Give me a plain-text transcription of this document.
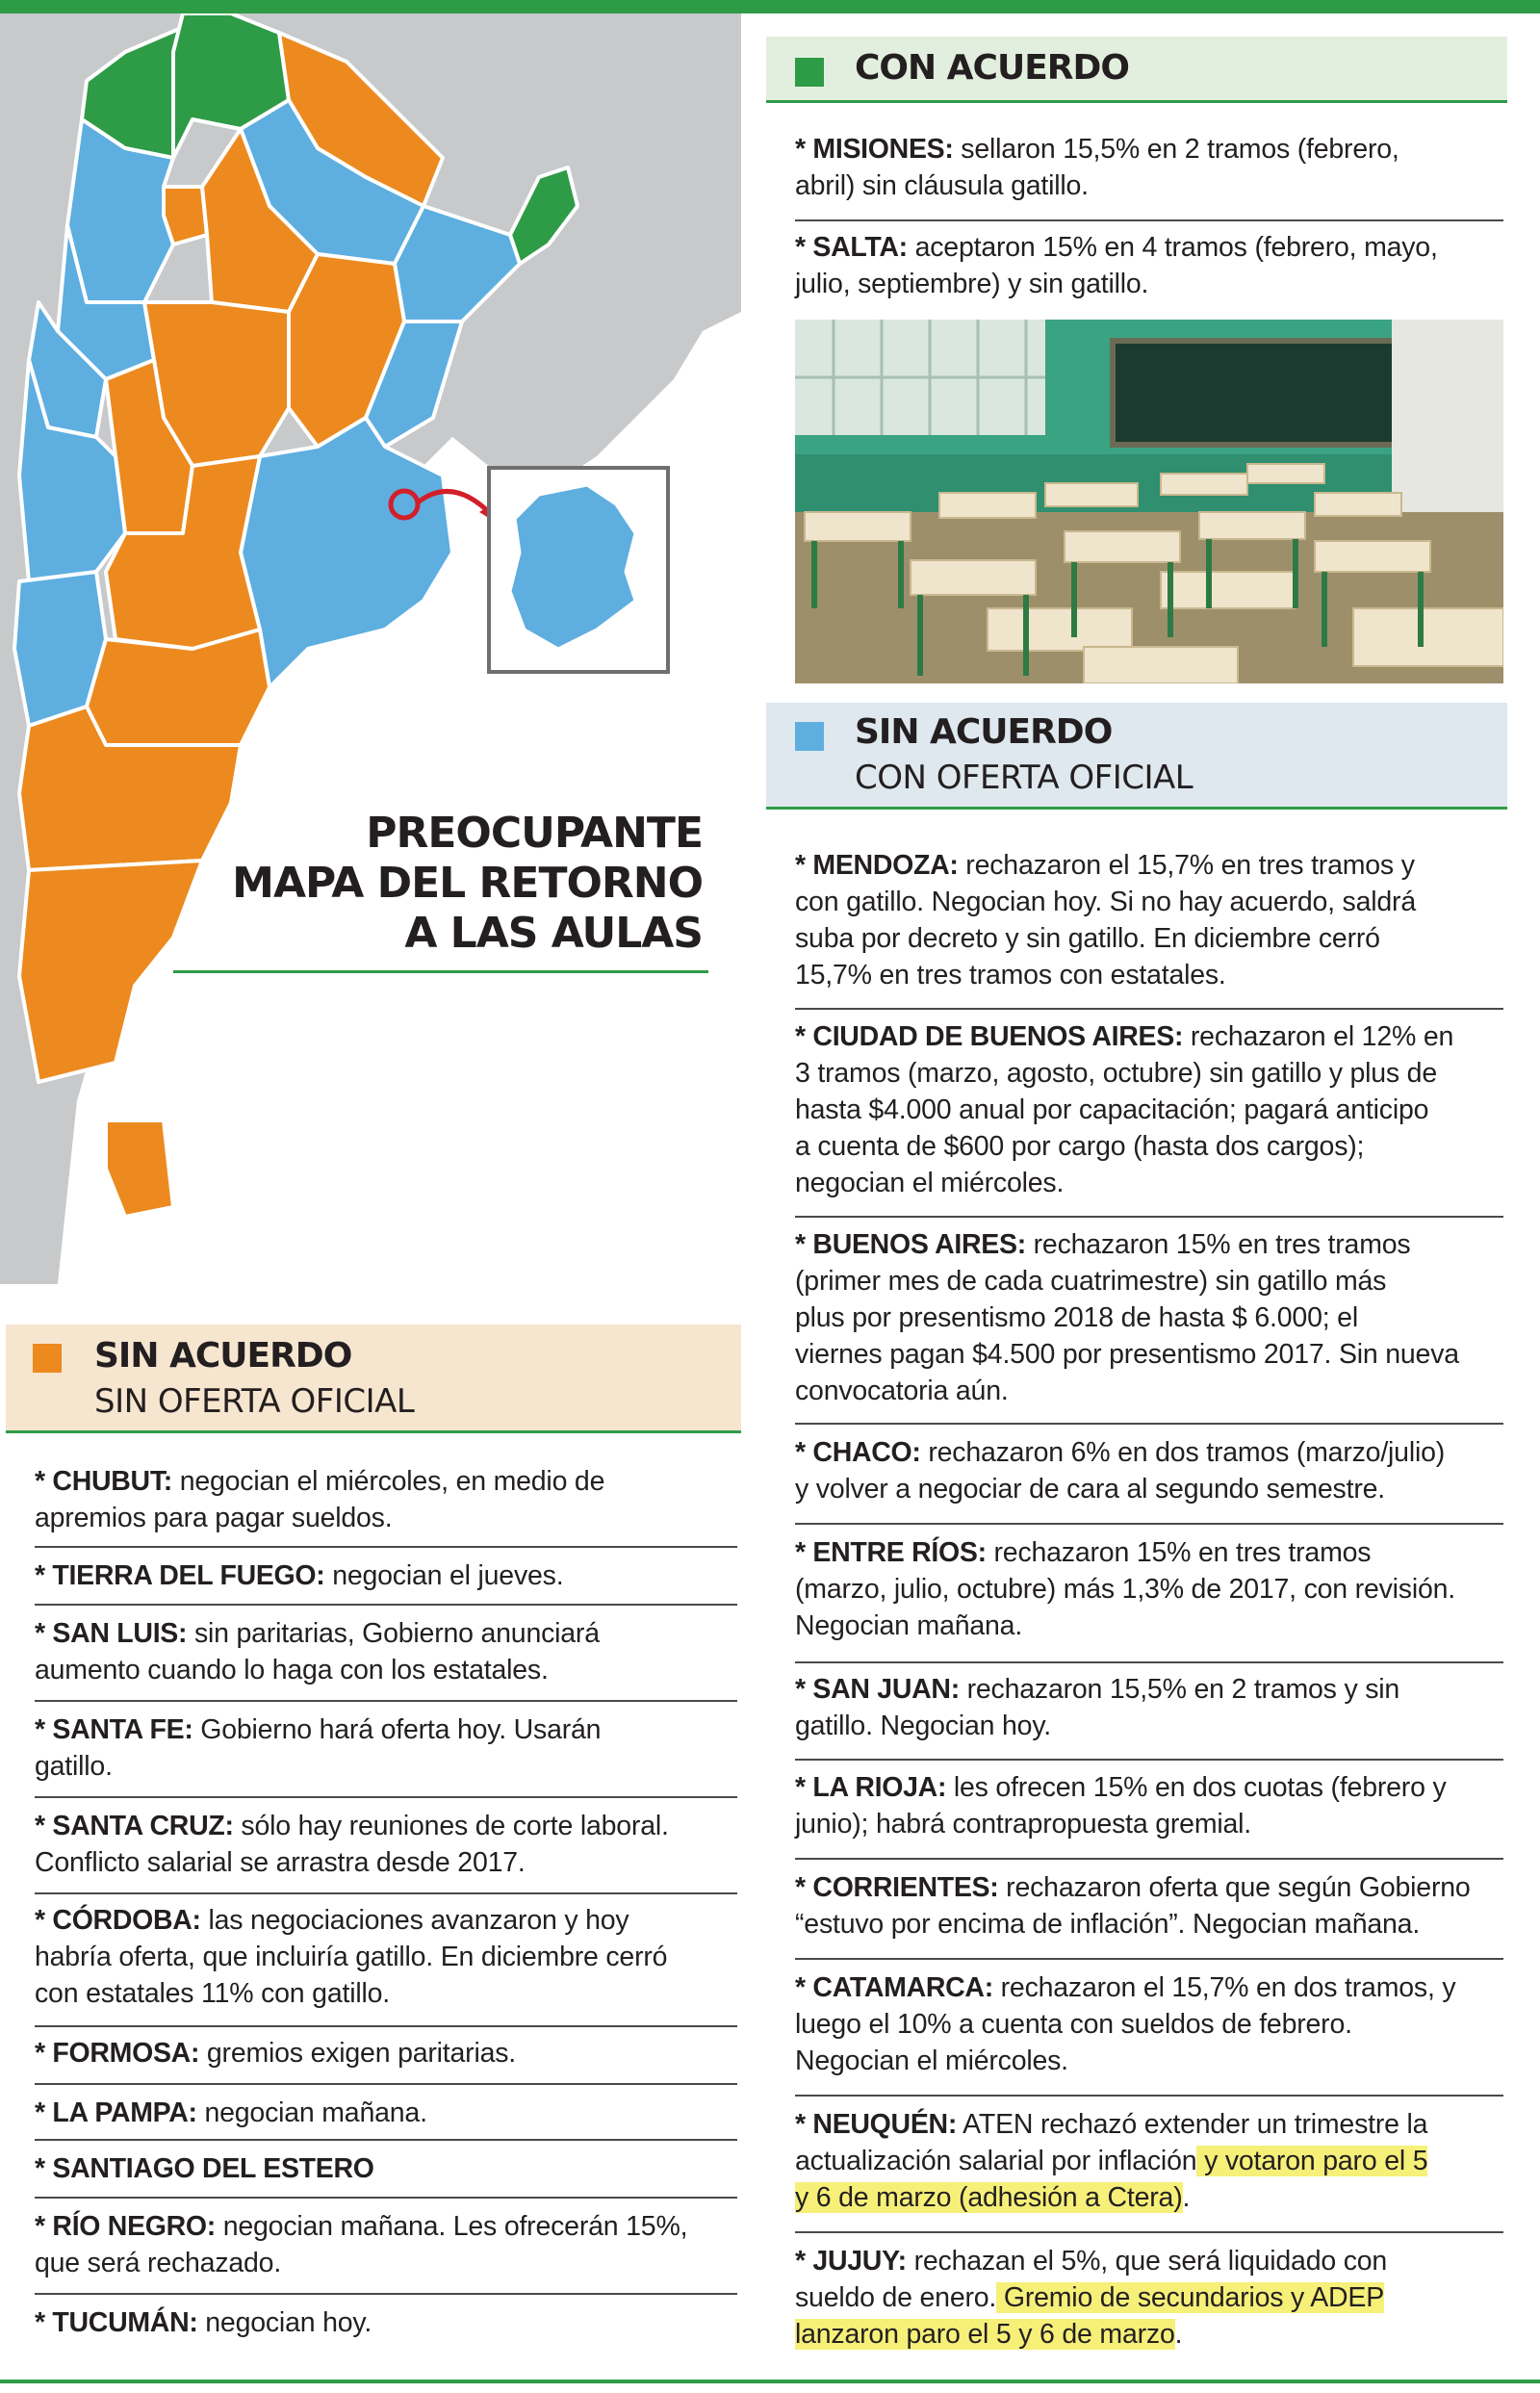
PREOCUPANTE
MAPA DEL RETORNO
A LAS AULAS
CON ACUERDO
* MISIONES: sellaron 15,5% en 2 tramos (febrero,
abril) sin cláusula gatillo.
* SALTA: aceptaron 15% en 4 tramos (febrero, mayo,
julio, septiembre) y sin gatillo.
SIN ACUERDO
CON OFERTA OFICIAL
* MENDOZA: rechazaron el 15,7% en tres tramos y
con gatillo. Negocian hoy. Si no hay acuerdo, saldrá
suba por decreto y sin gatillo. En diciembre cerró
15,7% en tres tramos con estatales.
* CIUDAD DE BUENOS AIRES: rechazaron el 12% en
3 tramos (marzo, agosto, octubre) sin gatillo y plus de
hasta $4.000 anual por capacitación; pagará anticipo
a cuenta de $600 por cargo (hasta dos cargos);
negocian el miércoles.
* BUENOS AIRES: rechazaron 15% en tres tramos
(primer mes de cada cuatrimestre) sin gatillo más
plus por presentismo 2018 de hasta $ 6.000; el
viernes pagan $4.500 por presentismo 2017. Sin nueva
convocatoria aún.
* CHACO: rechazaron 6% en dos tramos (marzo/julio)
y volver a negociar de cara al segundo semestre.
* ENTRE RÍOS: rechazaron 15% en tres tramos
(marzo, julio, octubre) más 1,3% de 2017, con revisión.
Negocian mañana.
* SAN JUAN: rechazaron 15,5% en 2 tramos y sin
gatillo. Negocian hoy.
* LA RIOJA: les ofrecen 15% en dos cuotas (febrero y
junio); habrá contrapropuesta gremial.
* CORRIENTES: rechazaron oferta que según Gobierno
“estuvo por encima de inflación”. Negocian mañana.
* CATAMARCA: rechazaron el 15,7% en dos tramos, y
luego el 10% a cuenta con sueldos de febrero.
Negocian el miércoles.
* NEUQUÉN: ATEN rechazó extender un trimestre la
actualización salarial por inflación y votaron paro el 5
y 6 de marzo (adhesión a Ctera).
* JUJUY: rechazan el 5%, que será liquidado con
sueldo de enero. Gremio de secundarios y ADEP
lanzaron paro el 5 y 6 de marzo.
SIN ACUERDO
SIN OFERTA OFICIAL
* CHUBUT: negocian el miércoles, en medio de
apremios para pagar sueldos.
* TIERRA DEL FUEGO: negocian el jueves.
* SAN LUIS: sin paritarias, Gobierno anunciará
aumento cuando lo haga con los estatales.
* SANTA FE: Gobierno hará oferta hoy. Usarán
gatillo.
* SANTA CRUZ: sólo hay reuniones de corte laboral.
Conflicto salarial se arrastra desde 2017.
* CÓRDOBA: las negociaciones avanzaron y hoy
habría oferta, que incluiría gatillo. En diciembre cerró
con estatales 11% con gatillo.
* FORMOSA: gremios exigen paritarias.
* LA PAMPA: negocian mañana.
* SANTIAGO DEL ESTERO
* RÍO NEGRO: negocian mañana. Les ofrecerán 15%,
que será rechazado.
* TUCUMÁN: negocian hoy.
